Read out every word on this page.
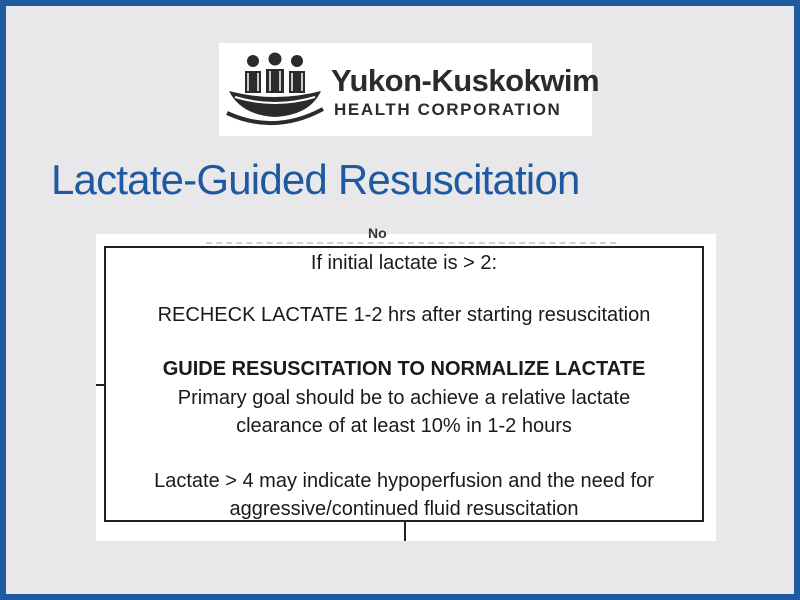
Yukon-Kuskokwim
HEALTH CORPORATION
Lactate-Guided Resuscitation
No
If initial lactate is > 2:
RECHECK LACTATE 1-2 hrs after starting resuscitation
GUIDE RESUSCITATION TO NORMALIZE LACTATE
Primary goal should be to achieve a relative lactate
clearance of at least 10% in 1-2 hours
Lactate > 4 may indicate hypoperfusion and the need for
aggressive/continued fluid resuscitation
